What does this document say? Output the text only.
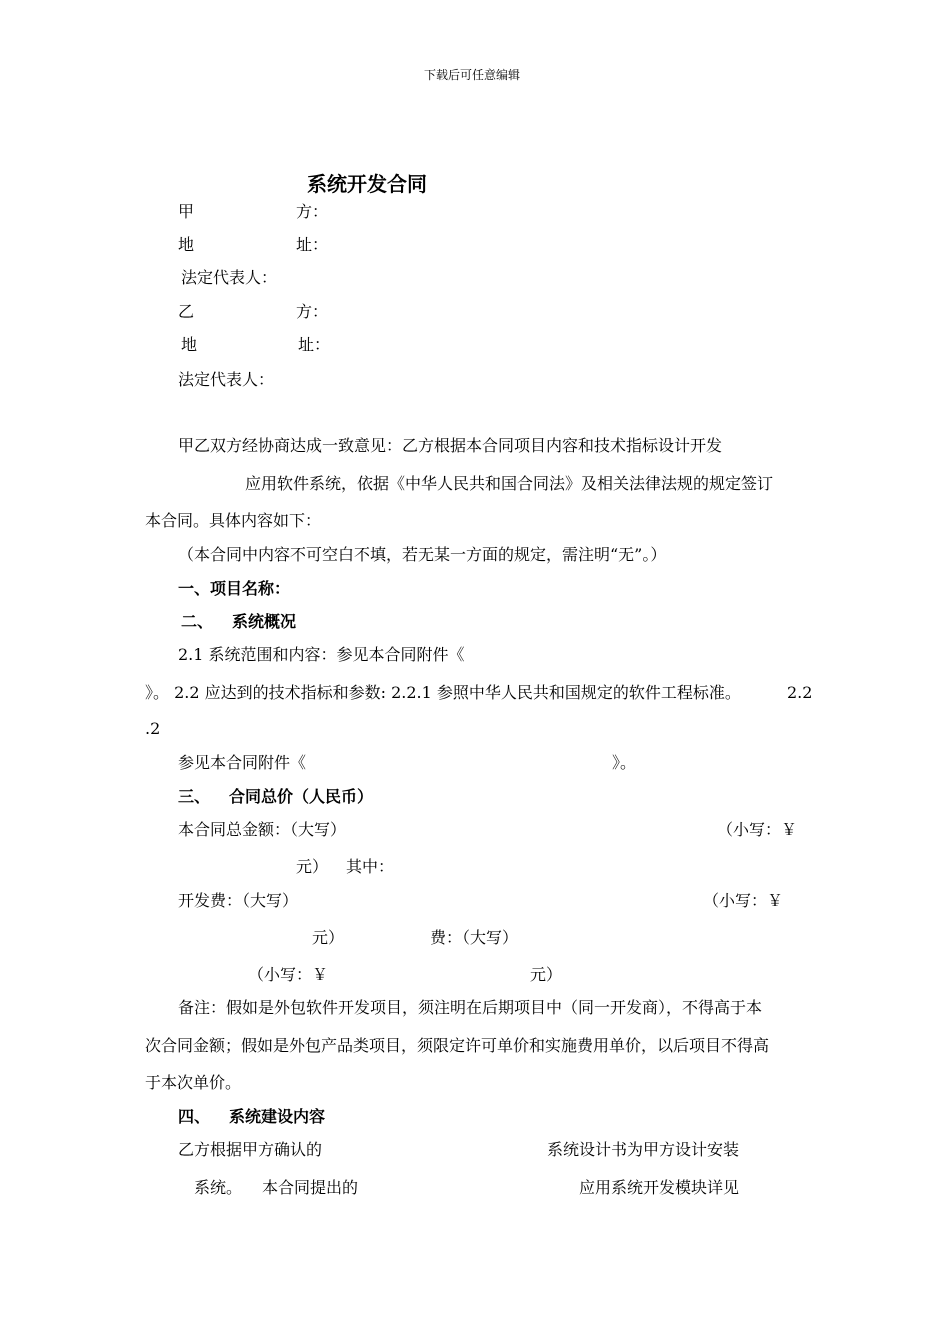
下载后可任意编辑
系统开发合同
甲	方：
地	址：
法定代表人：
乙	方：
地	址：
法定代表人：
甲乙双方经协商达成一致意见：乙方根据本合同项目内容和技术指标设计开发
应用软件系统，依据《中华人民共和国合同法》及相关法律法规的规定签订
本合同。具体内容如下：
（本合同中内容不可空白不填，若无某一方面的规定，需注明“无”。）
一、项目名称：
二、 系统概况
2.1 系统范围和内容：参见本合同附件《
》。 2.2 应达到的技术指标和参数: 2.2.1 参照中华人民共和国规定的软件工程标准。	2.2
.2
参见本合同附件《	》。
三、 合同总价（人民币）
本合同总金额：（大写）	（小写：￥
元） 其中：
开发费：（大写）	（小写：￥
元）	费：（大写）
（小写：￥	元）
备注：假如是外包软件开发项目，须注明在后期项目中（同一开发商），不得高于本
次合同金额；假如是外包产品类项目，须限定许可单价和实施费用单价，以后项目不得高
于本次单价。
四、 系统建设内容
乙方根据甲方确认的	系统设计书为甲方设计安装
系统。 本合同提出的	应用系统开发模块详见
